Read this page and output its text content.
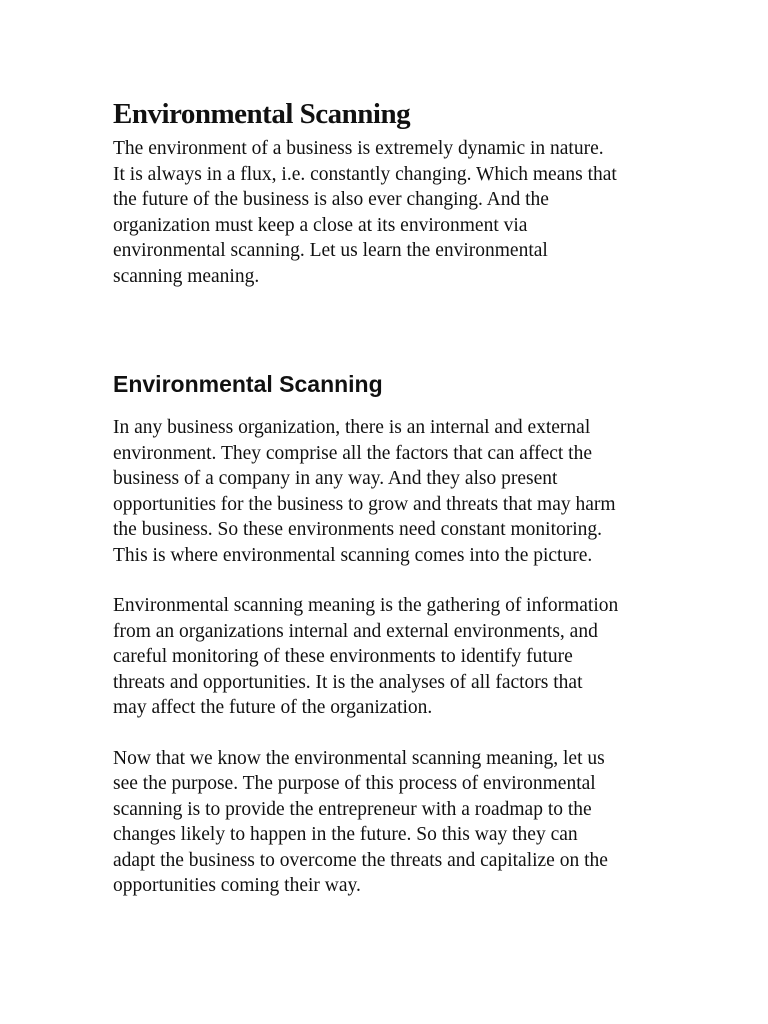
Environmental Scanning

The environment of a business is extremely dynamic in nature.
It is always in a flux, i.e. constantly changing. Which means that
the future of the business is also ever changing. And the
organization must keep a close at its environment via
environmental scanning. Let us learn the environmental
scanning meaning.

Environmental Scanning

In any business organization, there is an internal and external
environment. They comprise all the factors that can affect the
business of a company in any way. And they also present
opportunities for the business to grow and threats that may harm
the business. So these environments need constant monitoring.
This is where environmental scanning comes into the picture.

Environmental scanning meaning is the gathering of information
from an organizations internal and external environments, and
careful monitoring of these environments to identify future
threats and opportunities. It is the analyses of all factors that
may affect the future of the organization.

Now that we know the environmental scanning meaning, let us
see the purpose. The purpose of this process of environmental
scanning is to provide the entrepreneur with a roadmap to the
changes likely to happen in the future. So this way they can
adapt the business to overcome the threats and capitalize on the
opportunities coming their way.
